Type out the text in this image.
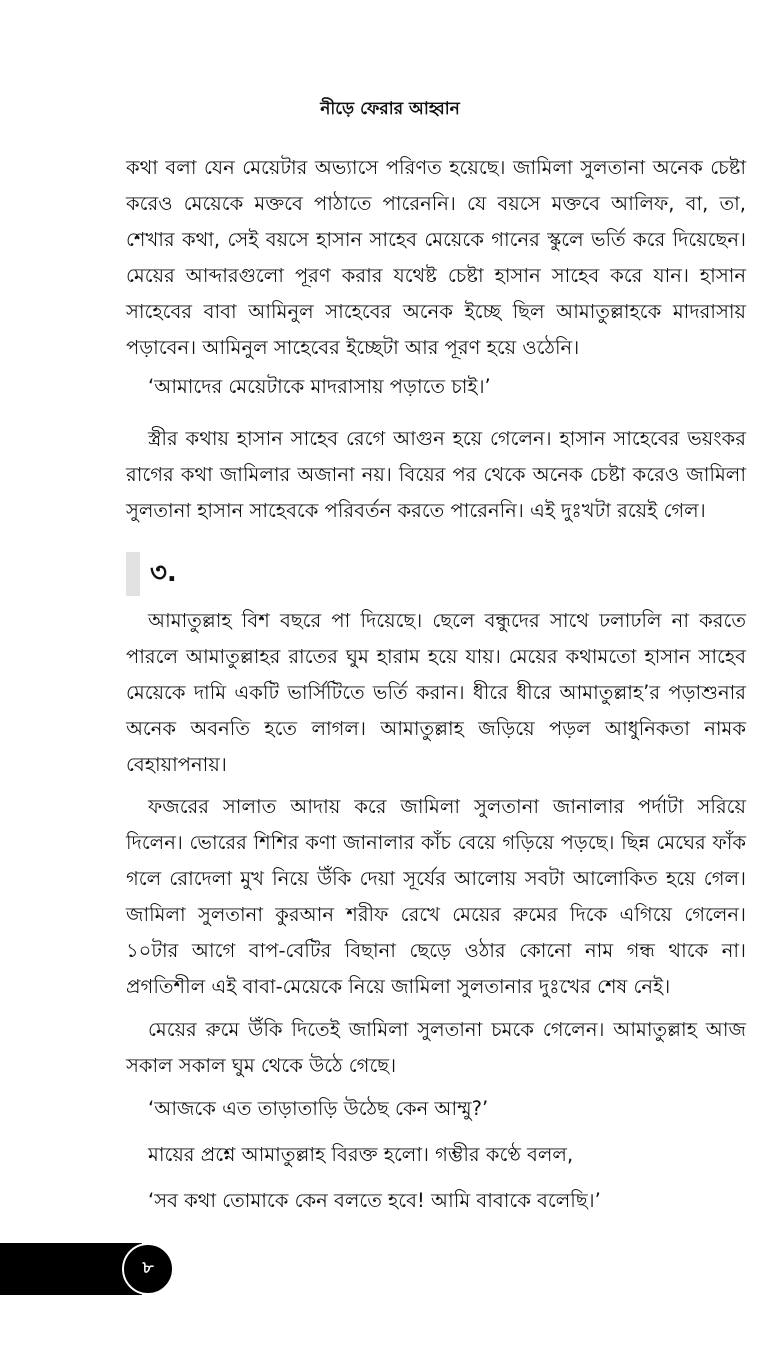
নীড়ে ফেরার আহ্বান

কথা বলা যেন মেয়েটার অভ্যাসে পরিণত হয়েছে। জামিলা সুলতানা অনেক চেষ্টা করেও মেয়েকে মক্তবে পাঠাতে পারেননি। যে বয়সে মক্তবে আলিফ, বা, তা, শেখার কথা, সেই বয়সে হাসান সাহেব মেয়েকে গানের স্কুলে ভর্তি করে দিয়েছেন। মেয়ের আব্দারগুলো পূরণ করার যথেষ্ট চেষ্টা হাসান সাহেব করে যান। হাসান সাহেবের বাবা আমিনুল সাহেবের অনেক ইচ্ছে ছিল আমাতুল্লাহকে মাদরাসায় পড়াবেন। আমিনুল সাহেবের ইচ্ছেটা আর পূরণ হয়ে ওঠেনি।

‘আমাদের মেয়েটাকে মাদরাসায় পড়াতে চাই।’

স্ত্রীর কথায় হাসান সাহেব রেগে আগুন হয়ে গেলেন। হাসান সাহেবের ভয়ংকর রাগের কথা জামিলার অজানা নয়। বিয়ের পর থেকে অনেক চেষ্টা করেও জামিলা সুলতানা হাসান সাহেবকে পরিবর্তন করতে পারেননি। এই দুঃখটা রয়েই গেল।

৩.

আমাতুল্লাহ বিশ বছরে পা দিয়েছে। ছেলে বন্ধুদের সাথে ঢলাঢলি না করতে পারলে আমাতুল্লাহর রাতের ঘুম হারাম হয়ে যায়। মেয়ের কথামতো হাসান সাহেব মেয়েকে দামি একটি ভার্সিটিতে ভর্তি করান। ধীরে ধীরে আমাতুল্লাহ’র পড়াশুনার অনেক অবনতি হতে লাগল। আমাতুল্লাহ জড়িয়ে পড়ল আধুনিকতা নামক বেহায়াপনায়।

ফজরের সালাত আদায় করে জামিলা সুলতানা জানালার পর্দাটা সরিয়ে দিলেন। ভোরের শিশির কণা জানালার কাঁচ বেয়ে গড়িয়ে পড়ছে। ছিন্ন মেঘের ফাঁক গলে রোদেলা মুখ নিয়ে উঁকি দেয়া সূর্যের আলোয় সবটা আলোকিত হয়ে গেল। জামিলা সুলতানা কুরআন শরীফ রেখে মেয়ের রুমের দিকে এগিয়ে গেলেন। ১০টার আগে বাপ-বেটির বিছানা ছেড়ে ওঠার কোনো নাম গন্ধ থাকে না। প্রগতিশীল এই বাবা-মেয়েকে নিয়ে জামিলা সুলতানার দুঃখের শেষ নেই।

মেয়ের রুমে উঁকি দিতেই জামিলা সুলতানা চমকে গেলেন। আমাতুল্লাহ আজ সকাল সকাল ঘুম থেকে উঠে গেছে।

‘আজকে এত তাড়াতাড়ি উঠেছ কেন আম্মু?’

মায়ের প্রশ্নে আমাতুল্লাহ বিরক্ত হলো। গম্ভীর কণ্ঠে বলল,

‘সব কথা তোমাকে কেন বলতে হবে! আমি বাবাকে বলেছি।’

৮
